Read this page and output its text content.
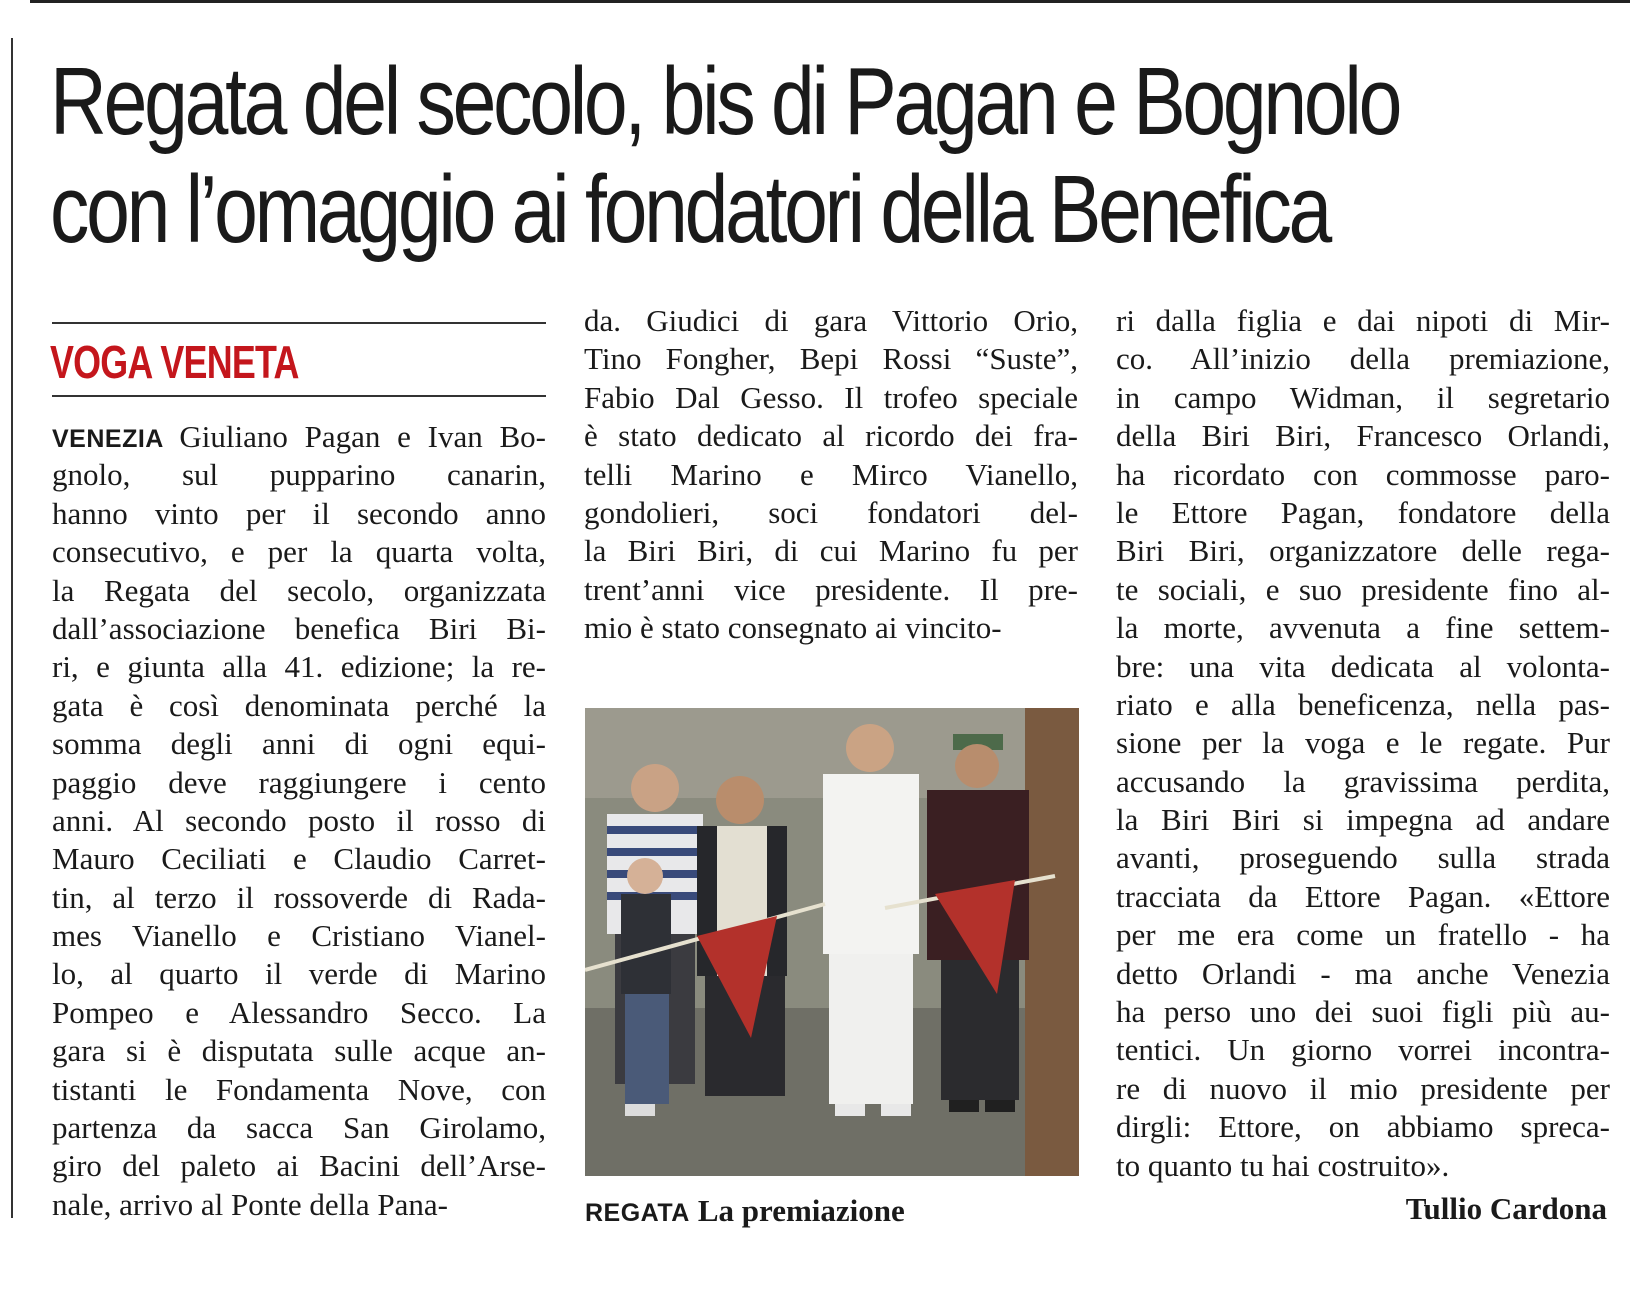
Regata del secolo, bis di Pagan e Bognolo
con l’omaggio ai fondatori della Benefica
VOGA VENETA
VENEZIA Giuliano Pagan e Ivan Bo-
gnolo, sul pupparino canarin,
hanno vinto per il secondo anno
consecutivo, e per la quarta volta,
la Regata del secolo, organizzata
dall’associazione benefica Biri Bi-
ri, e giunta alla 41. edizione; la re-
gata è così denominata perché la
somma degli anni di ogni equi-
paggio deve raggiungere i cento
anni. Al secondo posto il rosso di
Mauro Ceciliati e Claudio Carret-
tin, al terzo il rossoverde di Rada-
mes Vianello e Cristiano Vianel-
lo, al quarto il verde di Marino
Pompeo e Alessandro Secco. La
gara si è disputata sulle acque an-
tistanti le Fondamenta Nove, con
partenza da sacca San Girolamo,
giro del paleto ai Bacini dell’Arse-
nale, arrivo al Ponte della Pana-
da. Giudici di gara Vittorio Orio,
Tino Fongher, Bepi Rossi “Suste”,
Fabio Dal Gesso. Il trofeo speciale
è stato dedicato al ricordo dei fra-
telli Marino e Mirco Vianello,
gondolieri, soci fondatori del-
la Biri Biri, di cui Marino fu per
trent’anni vice presidente. Il pre-
mio è stato consegnato ai vincito-
ri dalla figlia e dai nipoti di Mir-
co. All’inizio della premiazione,
in campo Widman, il segretario
della Biri Biri, Francesco Orlandi,
ha ricordato con commosse paro-
le Ettore Pagan, fondatore della
Biri Biri, organizzatore delle rega-
te sociali, e suo presidente fino al-
la morte, avvenuta a fine settem-
bre: una vita dedicata al volonta-
riato e alla beneficenza, nella pas-
sione per la voga e le regate. Pur
accusando la gravissima perdita,
la Biri Biri si impegna ad andare
avanti, proseguendo sulla strada
tracciata da Ettore Pagan. «Ettore
per me era come un fratello - ha
detto Orlandi - ma anche Venezia
ha perso uno dei suoi figli più au-
tentici. Un giorno vorrei incontra-
re di nuovo il mio presidente per
dirgli: Ettore, on abbiamo spreca-
to quanto tu hai costruito».
REGATA La premiazione	Tullio Cardona
